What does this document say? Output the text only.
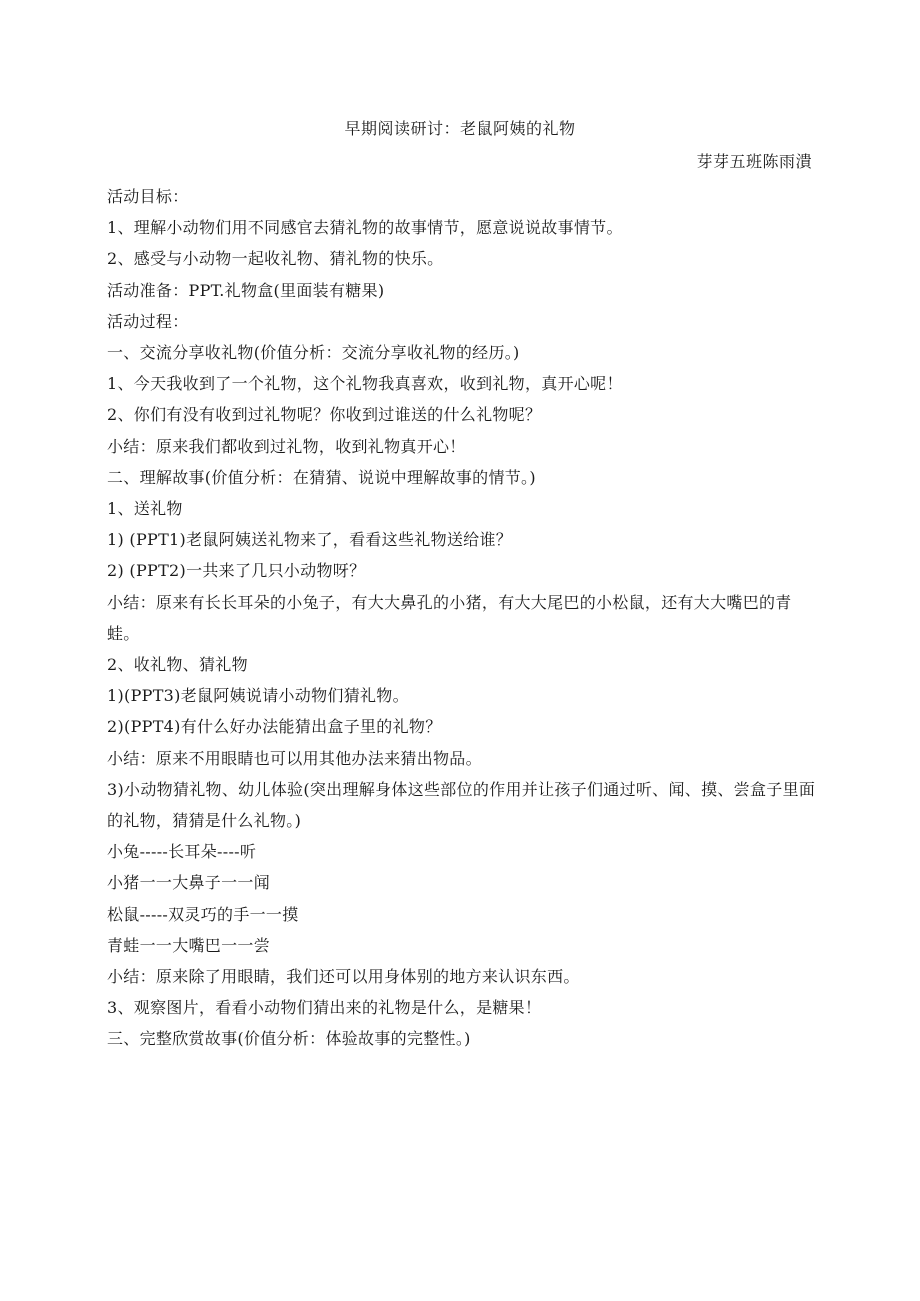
早期阅读研讨：老鼠阿姨的礼物
芽芽五班陈雨潰
活动目标：
1、理解小动物们用不同感官去猜礼物的故事情节，愿意说说故事情节。
2、感受与小动物一起收礼物、猜礼物的快乐。
活动准备：PPT.礼物盒(里面装有糖果)
活动过程：
一、交流分享收礼物(价值分析：交流分享收礼物的经历。)
1、今天我收到了一个礼物，这个礼物我真喜欢，收到礼物，真开心呢！
2、你们有没有收到过礼物呢？你收到过谁送的什么礼物呢？
小结：原来我们都收到过礼物，收到礼物真开心！
二、理解故事(价值分析：在猜猜、说说中理解故事的情节。)
1、送礼物
1) (PPT1)老鼠阿姨送礼物来了，看看这些礼物送给谁？
2) (PPT2)一共来了几只小动物呀？
小结：原来有长长耳朵的小兔子，有大大鼻孔的小猪，有大大尾巴的小松鼠，还有大大嘴巴的青蛙。
2、收礼物、猜礼物
1)(PPT3)老鼠阿姨说请小动物们猜礼物。
2)(PPT4)有什么好办法能猜出盒子里的礼物？
小结：原来不用眼睛也可以用其他办法来猜出物品。
3)小动物猜礼物、幼儿体验(突出理解身体这些部位的作用并让孩子们通过听、闻、摸、尝盒子里面的礼物，猜猜是什么礼物。)
小兔-----长耳朵----听
小猪一一大鼻子一一闻
松鼠-----双灵巧的手一一摸
青蛙一一大嘴巴一一尝
小结：原来除了用眼睛，我们还可以用身体别的地方来认识东西。
3、观察图片，看看小动物们猜出来的礼物是什么，是糖果！
三、完整欣赏故事(价值分析：体验故事的完整性。)
